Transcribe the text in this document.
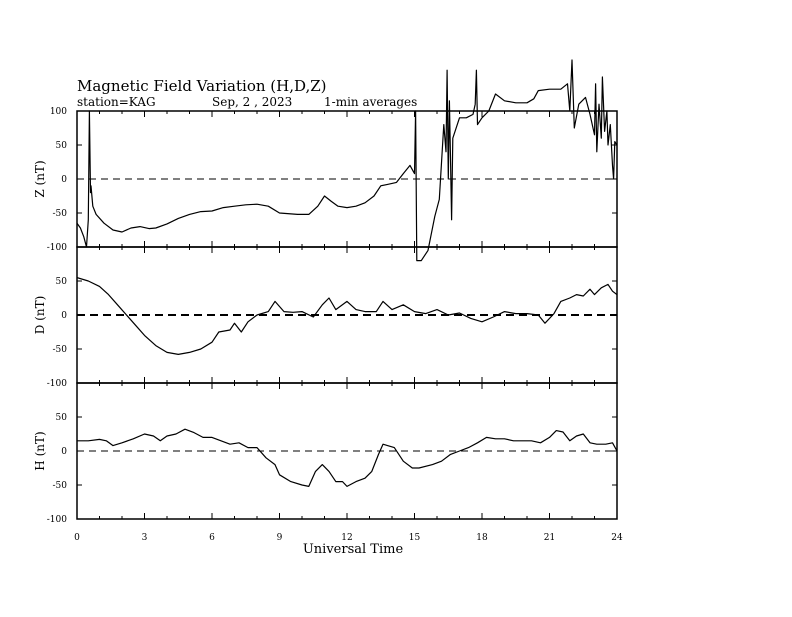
Magnetic Field Variation (H,D,Z)
station=KAG	Sep, 2 , 2023	1-min averages
-100
-50
0
50
100
Z (nT)
-100
-50
0
50
D (nT)
-100
-50
0
50
H (nT)
0	3	6	9	12	15	18	21	24
Universal Time
